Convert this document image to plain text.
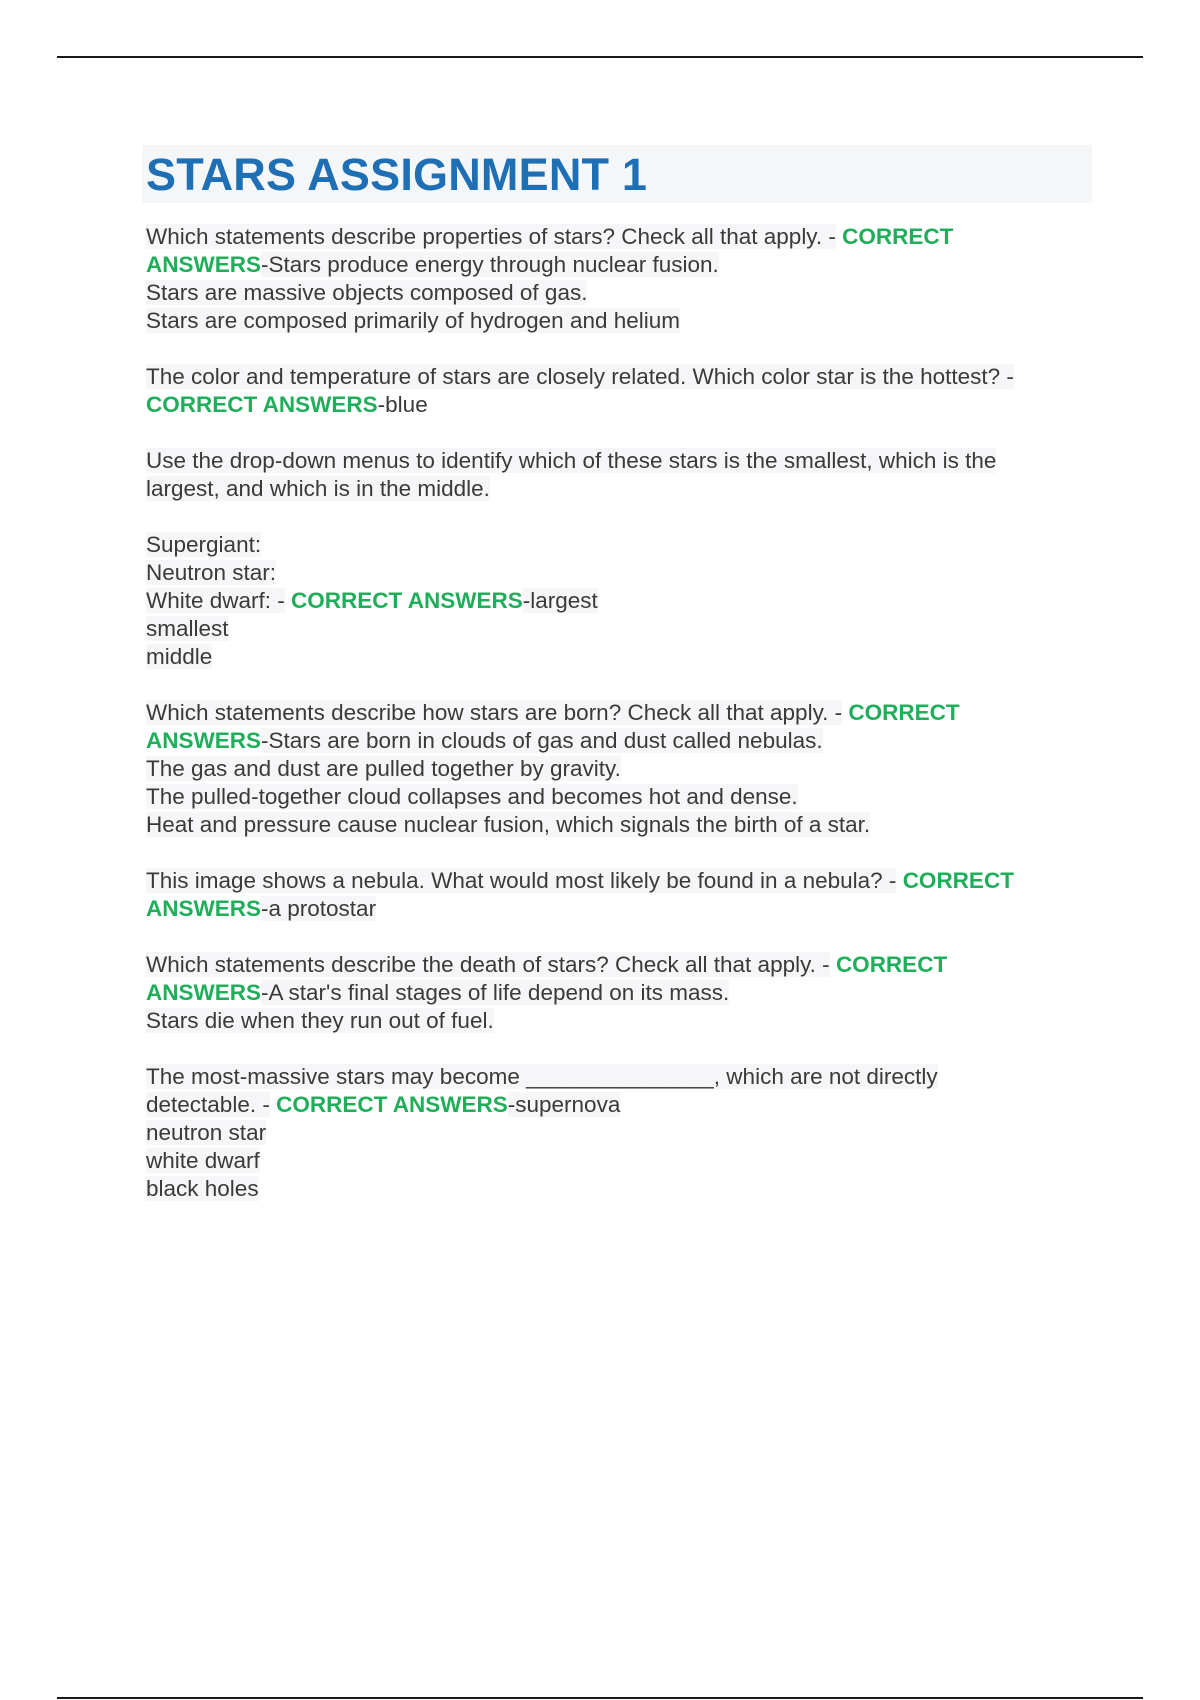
STARS ASSIGNMENT 1
Which statements describe properties of stars? Check all that apply. - CORRECT
ANSWERS-Stars produce energy through nuclear fusion.
Stars are massive objects composed of gas.
Stars are composed primarily of hydrogen and helium
The color and temperature of stars are closely related. Which color star is the hottest? -
CORRECT ANSWERS-blue
Use the drop-down menus to identify which of these stars is the smallest, which is the
largest, and which is in the middle.

Supergiant:
Neutron star:
White dwarf: - CORRECT ANSWERS-largest
smallest
middle
Which statements describe how stars are born? Check all that apply. - CORRECT
ANSWERS-Stars are born in clouds of gas and dust called nebulas.
The gas and dust are pulled together by gravity.
The pulled-together cloud collapses and becomes hot and dense.
Heat and pressure cause nuclear fusion, which signals the birth of a star.
This image shows a nebula. What would most likely be found in a nebula? - CORRECT
ANSWERS-a protostar
Which statements describe the death of stars? Check all that apply. - CORRECT
ANSWERS-A star's final stages of life depend on its mass.
Stars die when they run out of fuel.
The most-massive stars may become _______________, which are not directly
detectable. - CORRECT ANSWERS-supernova
neutron star
white dwarf
black holes
